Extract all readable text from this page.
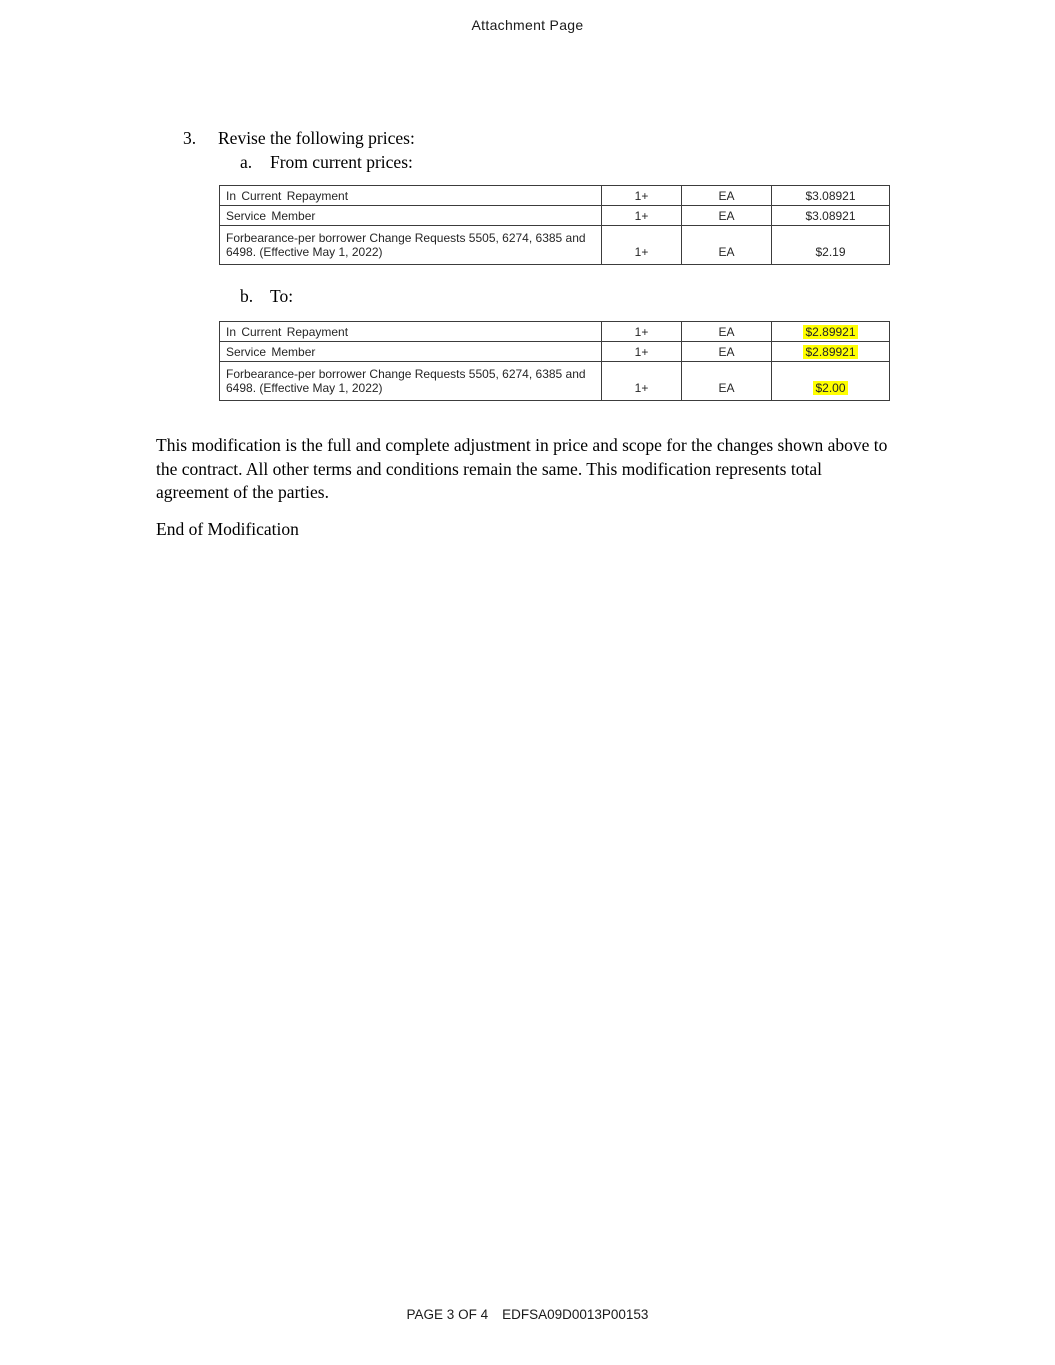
Attachment Page
3.	Revise the following prices:
a.	From current prices:
In Current Repayment	1+	EA	$3.08921
Service Member	1+	EA	$3.08921
Forbearance-per borrower Change Requests 5505, 6274, 6385 and 6498. (Effective May 1, 2022)	1+	EA	$2.19
b. To:
In Current Repayment	1+	EA	$2.89921
Service Member	1+	EA	$2.89921
Forbearance-per borrower Change Requests 5505, 6274, 6385 and 6498. (Effective May 1, 2022)	1+	EA	$2.00
This modification is the full and complete adjustment in price and scope for the changes shown above to the contract. All other terms and conditions remain the same. This modification represents total agreement of the parties.
End of Modification
PAGE 3 OF 4 EDFSA09D0013P00153
